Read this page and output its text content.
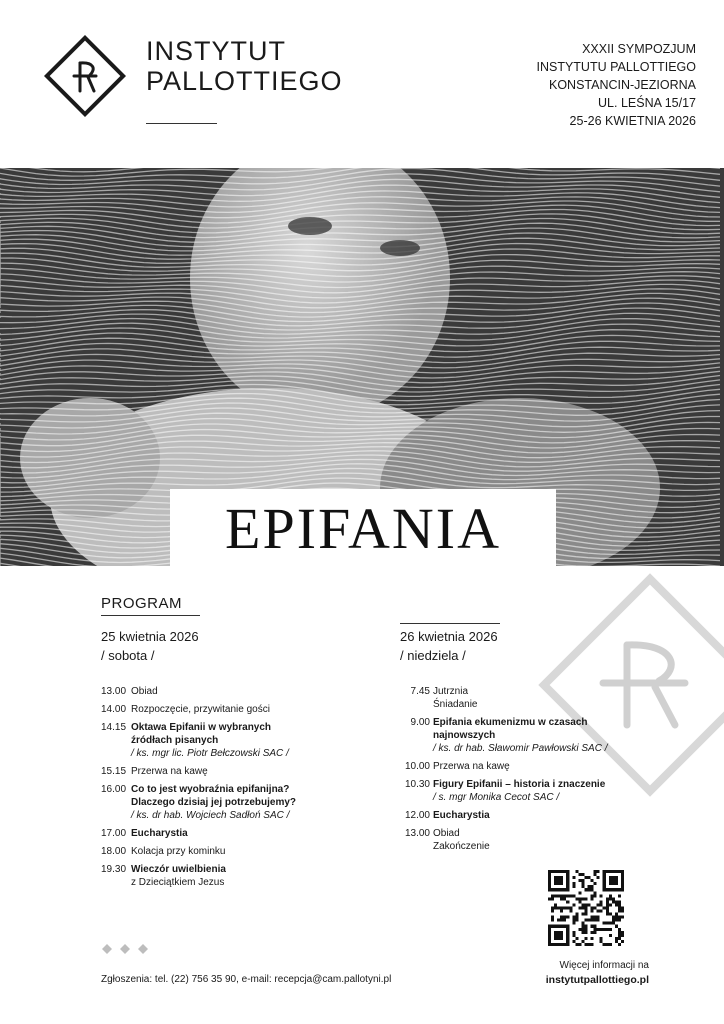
INSTYTUT
PALLOTTIEGO
XXXII SYMPOZJUM
INSTYTUTU PALLOTTIEGO
KONSTANCIN-JEZIORNA
UL. LEŚNA 15/17
25-26 KWIETNIA 2026
EPIFANIA
PROGRAM
25 kwietnia 2026
/ sobota /
26 kwietnia 2026
/ niedziela /
13.00 Obiad
14.00 Rozpoczęcie, przywitanie gości
14.15 Oktawa Epifanii w wybranych
źródłach pisanych
/ ks. mgr lic. Piotr Bełczowski SAC /
15.15 Przerwa na kawę
16.00 Co to jest wyobraźnia epifanijna?
Dlaczego dzisiaj jej potrzebujemy?
/ ks. dr hab. Wojciech Sadłoń SAC /
17.00 Eucharystia
18.00 Kolacja przy kominku
19.30 Wieczór uwielbienia
z Dzieciątkiem Jezus
7.45 Jutrznia
Śniadanie
9.00 Epifania ekumenizmu w czasach najnowszych
/ ks. dr hab. Sławomir Pawłowski SAC /
10.00 Przerwa na kawę
10.30 Figury Epifanii – historia i znaczenie
/ s. mgr Monika Cecot SAC /
12.00 Eucharystia
13.00 Obiad
Zakończenie
Zgłoszenia: tel. (22) 756 35 90, e-mail: recepcja@cam.pallotyni.pl
Więcej informacji na
instytutpallottiego.pl
